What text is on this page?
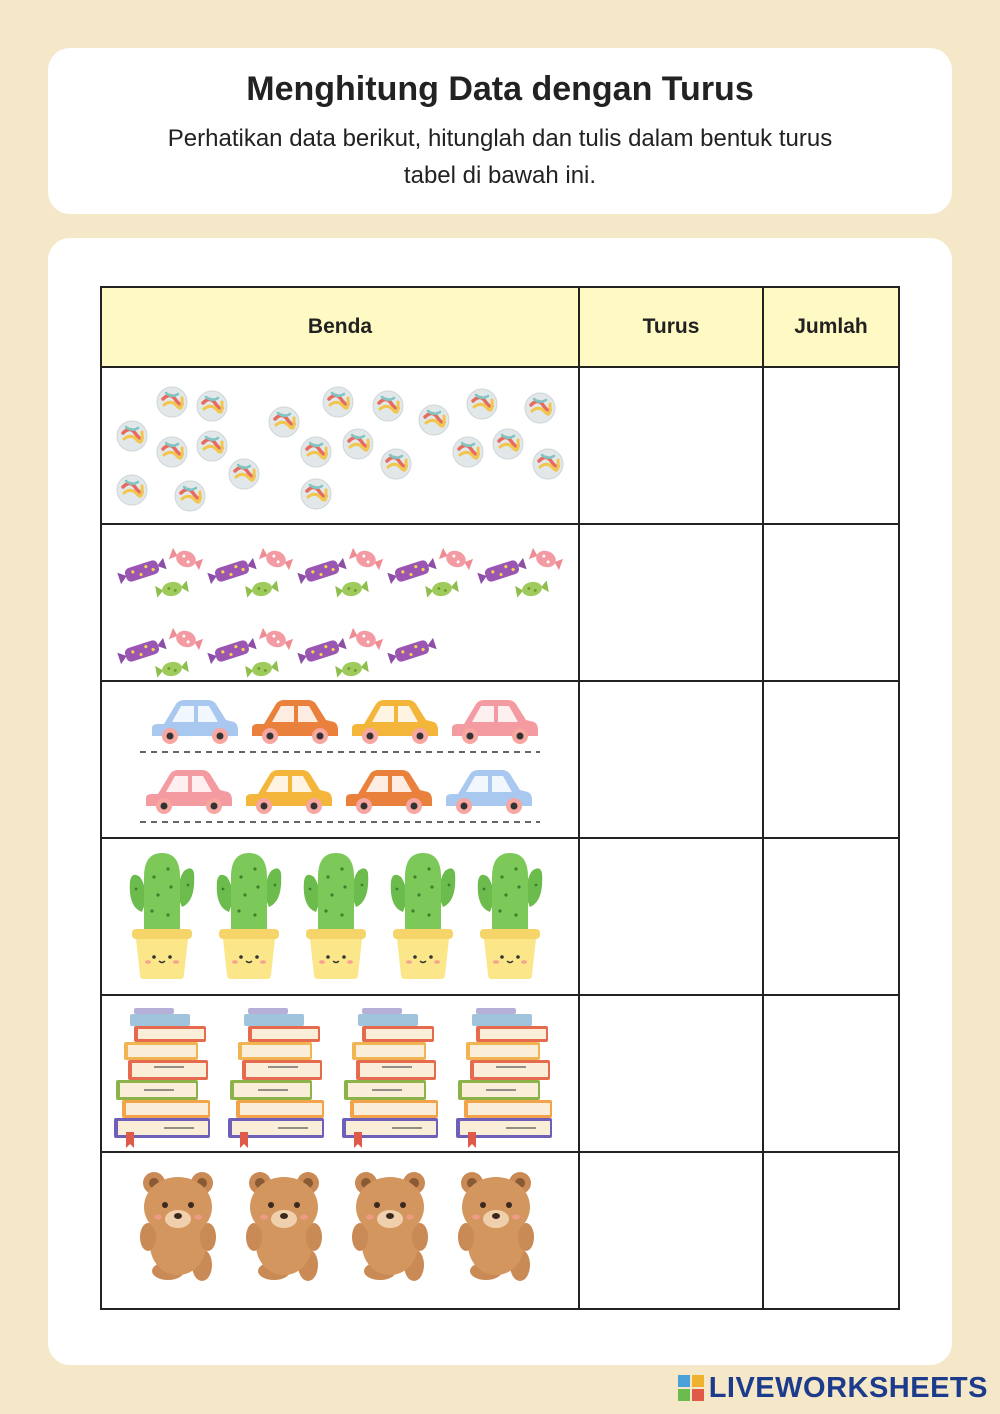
Menghitung Data dengan Turus
Perhatikan data berikut, hitunglah dan tulis dalam bentuk turus tabel di bawah ini.
Benda	Turus	Jumlah

LIVEWORKSHEETS
